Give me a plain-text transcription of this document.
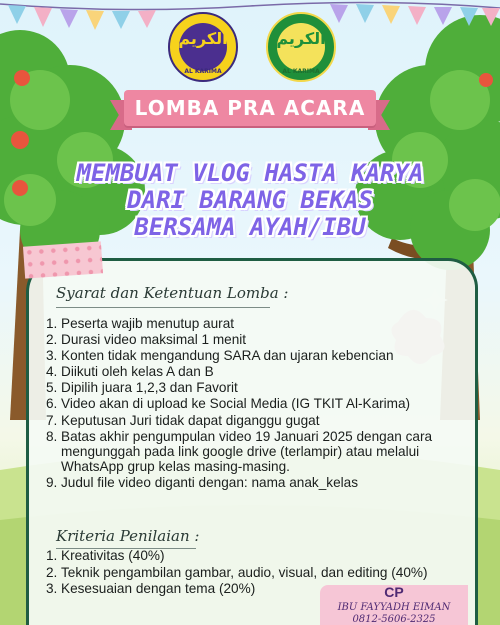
الكريم
AL KARIMA
الكريم
AL KARIMA
LOMBA PRA ACARA
MEMBUAT VLOG HASTA KARYA
DARI BARANG BEKAS
BERSAMA AYAH/IBU
Syarat dan Ketentuan Lomba :
1. Peserta wajib menutup aurat
2. Durasi video maksimal 1 menit
3. Konten tidak mengandung SARA dan ujaran kebencian
4. Diikuti oleh kelas A dan B
5. Dipilih juara 1,2,3 dan Favorit
6. Video akan di upload ke Social Media (IG TKIT Al-Karima)
7. Keputusan Juri tidak dapat diganggu gugat
8. Batas akhir pengumpulan video 19 Januari 2025 dengan cara mengunggah pada link google drive (terlampir) atau melalui WhatsApp grup kelas masing-masing.
9. Judul file video diganti dengan: nama anak_kelas
Kriteria Penilaian :
1. Kreativitas (40%)
2. Teknik pengambilan gambar, audio, visual, dan editing (40%)
3. Kesesuaian dengan tema (20%)	CP
IBU FAYYADH EIMAN
0812-5606-2325
